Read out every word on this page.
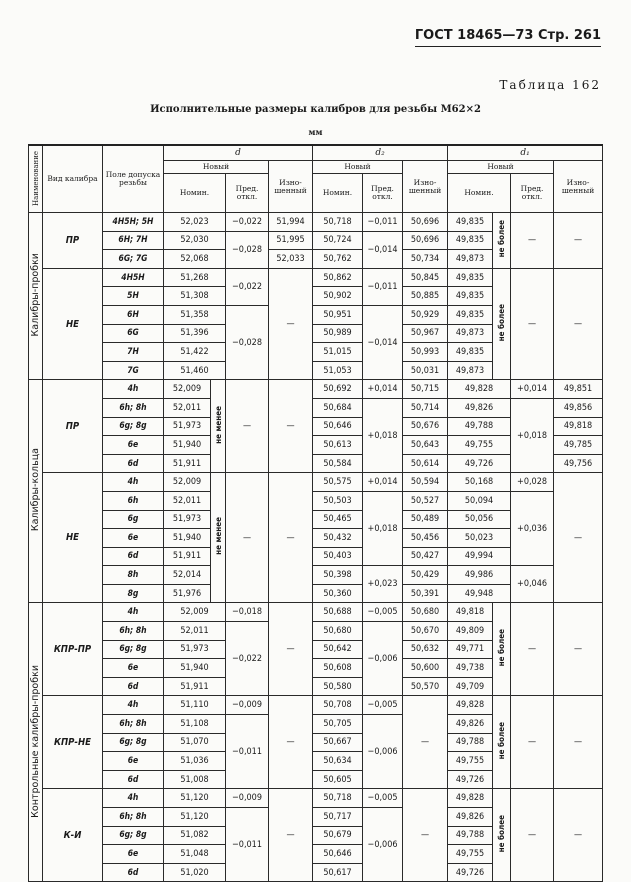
ГОСТ 18465—73 Стр. 261
Таблица 162
Исполнительные размеры калибров для резьбы М62×2
мм
Наименование	Вид калибра	Поле допуска резьбы	d				d₂			d₁			
			Новый			Изно-шенный	Новый		Изно-шенный	Новый			Изно-шенный
			Номин.		Пред. откл.		Номин.	Пред. откл.		Номин.		Пред. откл.	
Калибры-пробки	ПР	4H5H; 5H	52,023		−0,022	51,994	50,718	−0,011	50,696	49,835	не более	—	—
		6H; 7H	52,030		−0,028	51,995	50,724	−0,014	50,696	49,835			
		6G; 7G	52,068			52,033	50,762		50,734	49,873			
	НЕ	4H5H	51,268		−0,022	—	50,862	−0,011	50,845	49,835	не более	—	—
		5H	51,308				50,902		50,885	49,835			
		6H	51,358		−0,028		50,951	−0,014	50,929	49,835			
		6G	51,396				50,989		50,967	49,873			
		7H	51,422				51,015		50,993	49,835			
		7G	51,460				51,053		50,031	49,873			
Калибры-кольца	ПР	4h	52,009	не менее	—	—	50,692	+0,014	50,715	49,828		+0,014	49,851
		6h; 8h	52,011				50,684	+0,018	50,714	49,826		+0,018	49,856
		6g; 8g	51,973				50,646		50,676	49,788			49,818
		6e	51,940				50,613		50,643	49,755			49,785
		6d	51,911				50,584		50,614	49,726			49,756
	НЕ	4h	52,009	не менее	—	—	50,575	+0,014	50,594	50,168		+0,028	—
		6h	52,011				50,503	+0,018	50,527	50,094		+0,036	
		6g	51,973				50,465		50,489	50,056			
		6e	51,940				50,432		50,456	50,023			
		6d	51,911				50,403		50,427	49,994			
		8h	52,014				50,398	+0,023	50,429	49,986		+0,046	
		8g	51,976				50,360		50,391	49,948			
Контрольные калибры-пробки	КПР-ПР	4h	52,009		−0,018	—	50,688	−0,005	50,680	49,818	не более	—	—
		6h; 8h	52,011		−0,022		50,680	−0,006	50,670	49,809			
		6g; 8g	51,973				50,642		50,632	49,771			
		6e	51,940				50,608		50,600	49,738			
		6d	51,911				50,580		50,570	49,709			
	КПР-НЕ	4h	51,110		−0,009	—	50,708	−0,005	—	49,828	не более	—	—
		6h; 8h	51,108		−0,011		50,705	−0,006		49,826			
		6g; 8g	51,070				50,667			49,788			
		6e	51,036				50,634			49,755			
		6d	51,008				50,605			49,726			
	К-И	4h	51,120		−0,009	—	50,718	−0,005	—	49,828	не более	—	—
		6h; 8h	51,120		−0,011		50,717	−0,006		49,826			
		6g; 8g	51,082				50,679			49,788			
		6e	51,048				50,646			49,755			
		6d	51,020				50,617			49,726			
